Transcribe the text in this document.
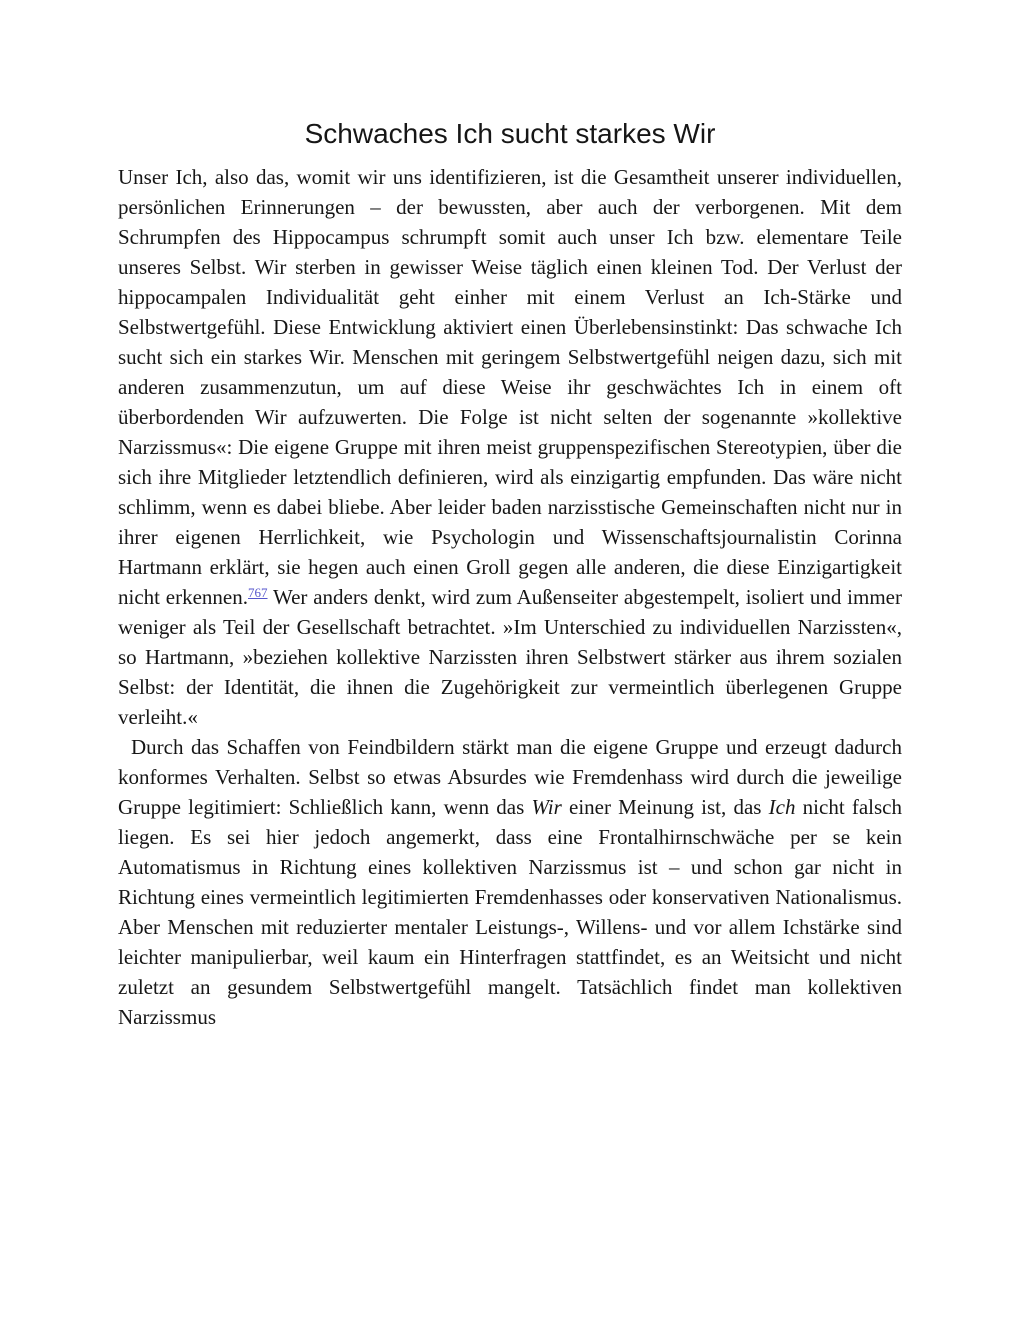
Schwaches Ich sucht starkes Wir

Unser Ich, also das, womit wir uns identifizieren, ist die Gesamtheit unserer individuellen, persönlichen Erinnerungen – der bewussten, aber auch der verborgenen. Mit dem Schrumpfen des Hippocampus schrumpft somit auch unser Ich bzw. elementare Teile unseres Selbst. Wir sterben in gewisser Weise täglich einen kleinen Tod. Der Verlust der hippocampalen Individualität geht einher mit einem Verlust an Ich-Stärke und Selbstwertgefühl. Diese Entwicklung aktiviert einen Überlebensinstinkt: Das schwache Ich sucht sich ein starkes Wir. Menschen mit geringem Selbstwertgefühl neigen dazu, sich mit anderen zusammenzutun, um auf diese Weise ihr geschwächtes Ich in einem oft überbordenden Wir aufzuwerten. Die Folge ist nicht selten der sogenannte »kollektive Narzissmus«: Die eigene Gruppe mit ihren meist gruppenspezifischen Stereotypien, über die sich ihre Mitglieder letztendlich definieren, wird als einzigartig empfunden. Das wäre nicht schlimm, wenn es dabei bliebe. Aber leider baden narzisstische Gemeinschaften nicht nur in ihrer eigenen Herrlichkeit, wie Psychologin und Wissenschaftsjournalistin Corinna Hartmann erklärt, sie hegen auch einen Groll gegen alle anderen, die diese Einzigartigkeit nicht erkennen.$^{767}$ Wer anders denkt, wird zum Außenseiter abgestempelt, isoliert und immer weniger als Teil der Gesellschaft betrachtet. »Im Unterschied zu individuellen Narzissten«, so Hartmann, »beziehen kollektive Narzissten ihren Selbstwert stärker aus ihrem sozialen Selbst: der Identität, die ihnen die Zugehörigkeit zur vermeintlich überlegenen Gruppe verleiht.«

Durch das Schaffen von Feindbildern stärkt man die eigene Gruppe und erzeugt dadurch konformes Verhalten. Selbst so etwas Absurdes wie Fremdenhass wird durch die jeweilige Gruppe legitimiert: Schließlich kann, wenn das Wir einer Meinung ist, das Ich nicht falsch liegen. Es sei hier jedoch angemerkt, dass eine Frontalhirnschwäche per se kein Automatismus in Richtung eines kollektiven Narzissmus ist – und schon gar nicht in Richtung eines vermeintlich legitimierten Fremdenhasses oder konservativen Nationalismus. Aber Menschen mit reduzierter mentaler Leistungs-, Willens- und vor allem Ichstärke sind leichter manipulierbar, weil kaum ein Hinterfragen stattfindet, es an Weitsicht und nicht zuletzt an gesundem Selbstwertgefühl mangelt. Tatsächlich findet man kollektiven Narzissmus
